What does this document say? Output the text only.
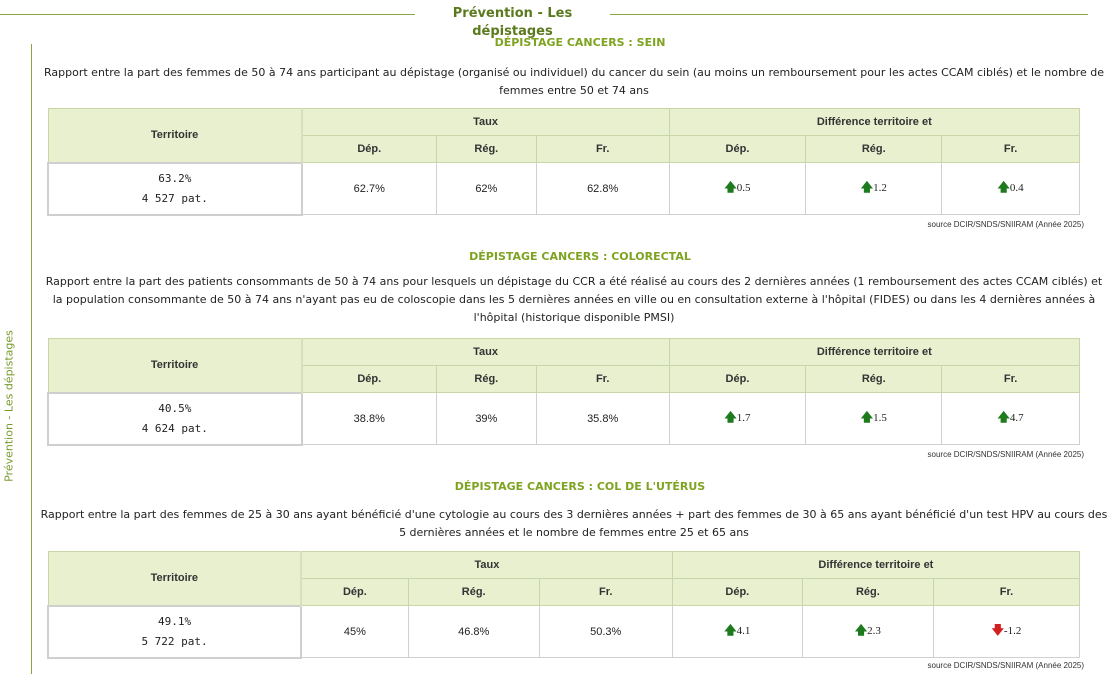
Prévention - Les dépistages
Prévention - Les dépistages
DÉPISTAGE CANCERS : SEIN
Rapport entre la part des femmes de 50 à 74 ans participant au dépistage (organisé ou individuel) du cancer du sein (au moins un remboursement pour les actes CCAM ciblés) et le nombre de femmes entre 50 et 74 ans
Territoire	Taux			Différence territoire et		
	Dép.	Rég.	Fr.	Dép.	Rég.	Fr.

63.2%
4 527 pat.	62.7%	62%	62.8%	🡅0.5	🡅1.2	🡅0.4
source DCIR/SNDS/SNIIRAM (Année 2025)
DÉPISTAGE CANCERS : COLORECTAL
Rapport entre la part des patients consommants de 50 à 74 ans pour lesquels un dépistage du CCR a été réalisé au cours des 2 dernières années (1 remboursement des actes CCAM ciblés) et la population consommante de 50 à 74 ans n'ayant pas eu de coloscopie dans les 5 dernières années en ville ou en consultation externe à l'hôpital (FIDES) ou dans les 4 dernières années à l'hôpital (historique disponible PMSI)
Territoire	Taux			Différence territoire et		
	Dép.	Rég.	Fr.	Dép.	Rég.	Fr.

40.5%
4 624 pat.	38.8%	39%	35.8%	🡅1.7	🡅1.5	🡅4.7
source DCIR/SNDS/SNIIRAM (Année 2025)
DÉPISTAGE CANCERS : COL DE L'UTÉRUS
Rapport entre la part des femmes de 25 à 30 ans ayant bénéficié d'une cytologie au cours des 3 dernières années + part des femmes de 30 à 65 ans ayant bénéficié d'un test HPV au cours des 5 dernières années et le nombre de femmes entre 25 et 65 ans
Territoire	Taux			Différence territoire et		
	Dép.	Rég.	Fr.	Dép.	Rég.	Fr.

49.1%
5 722 pat.	45%	46.8%	50.3%	🡅4.1	🡅2.3	🡇-1.2
source DCIR/SNDS/SNIIRAM (Année 2025)
